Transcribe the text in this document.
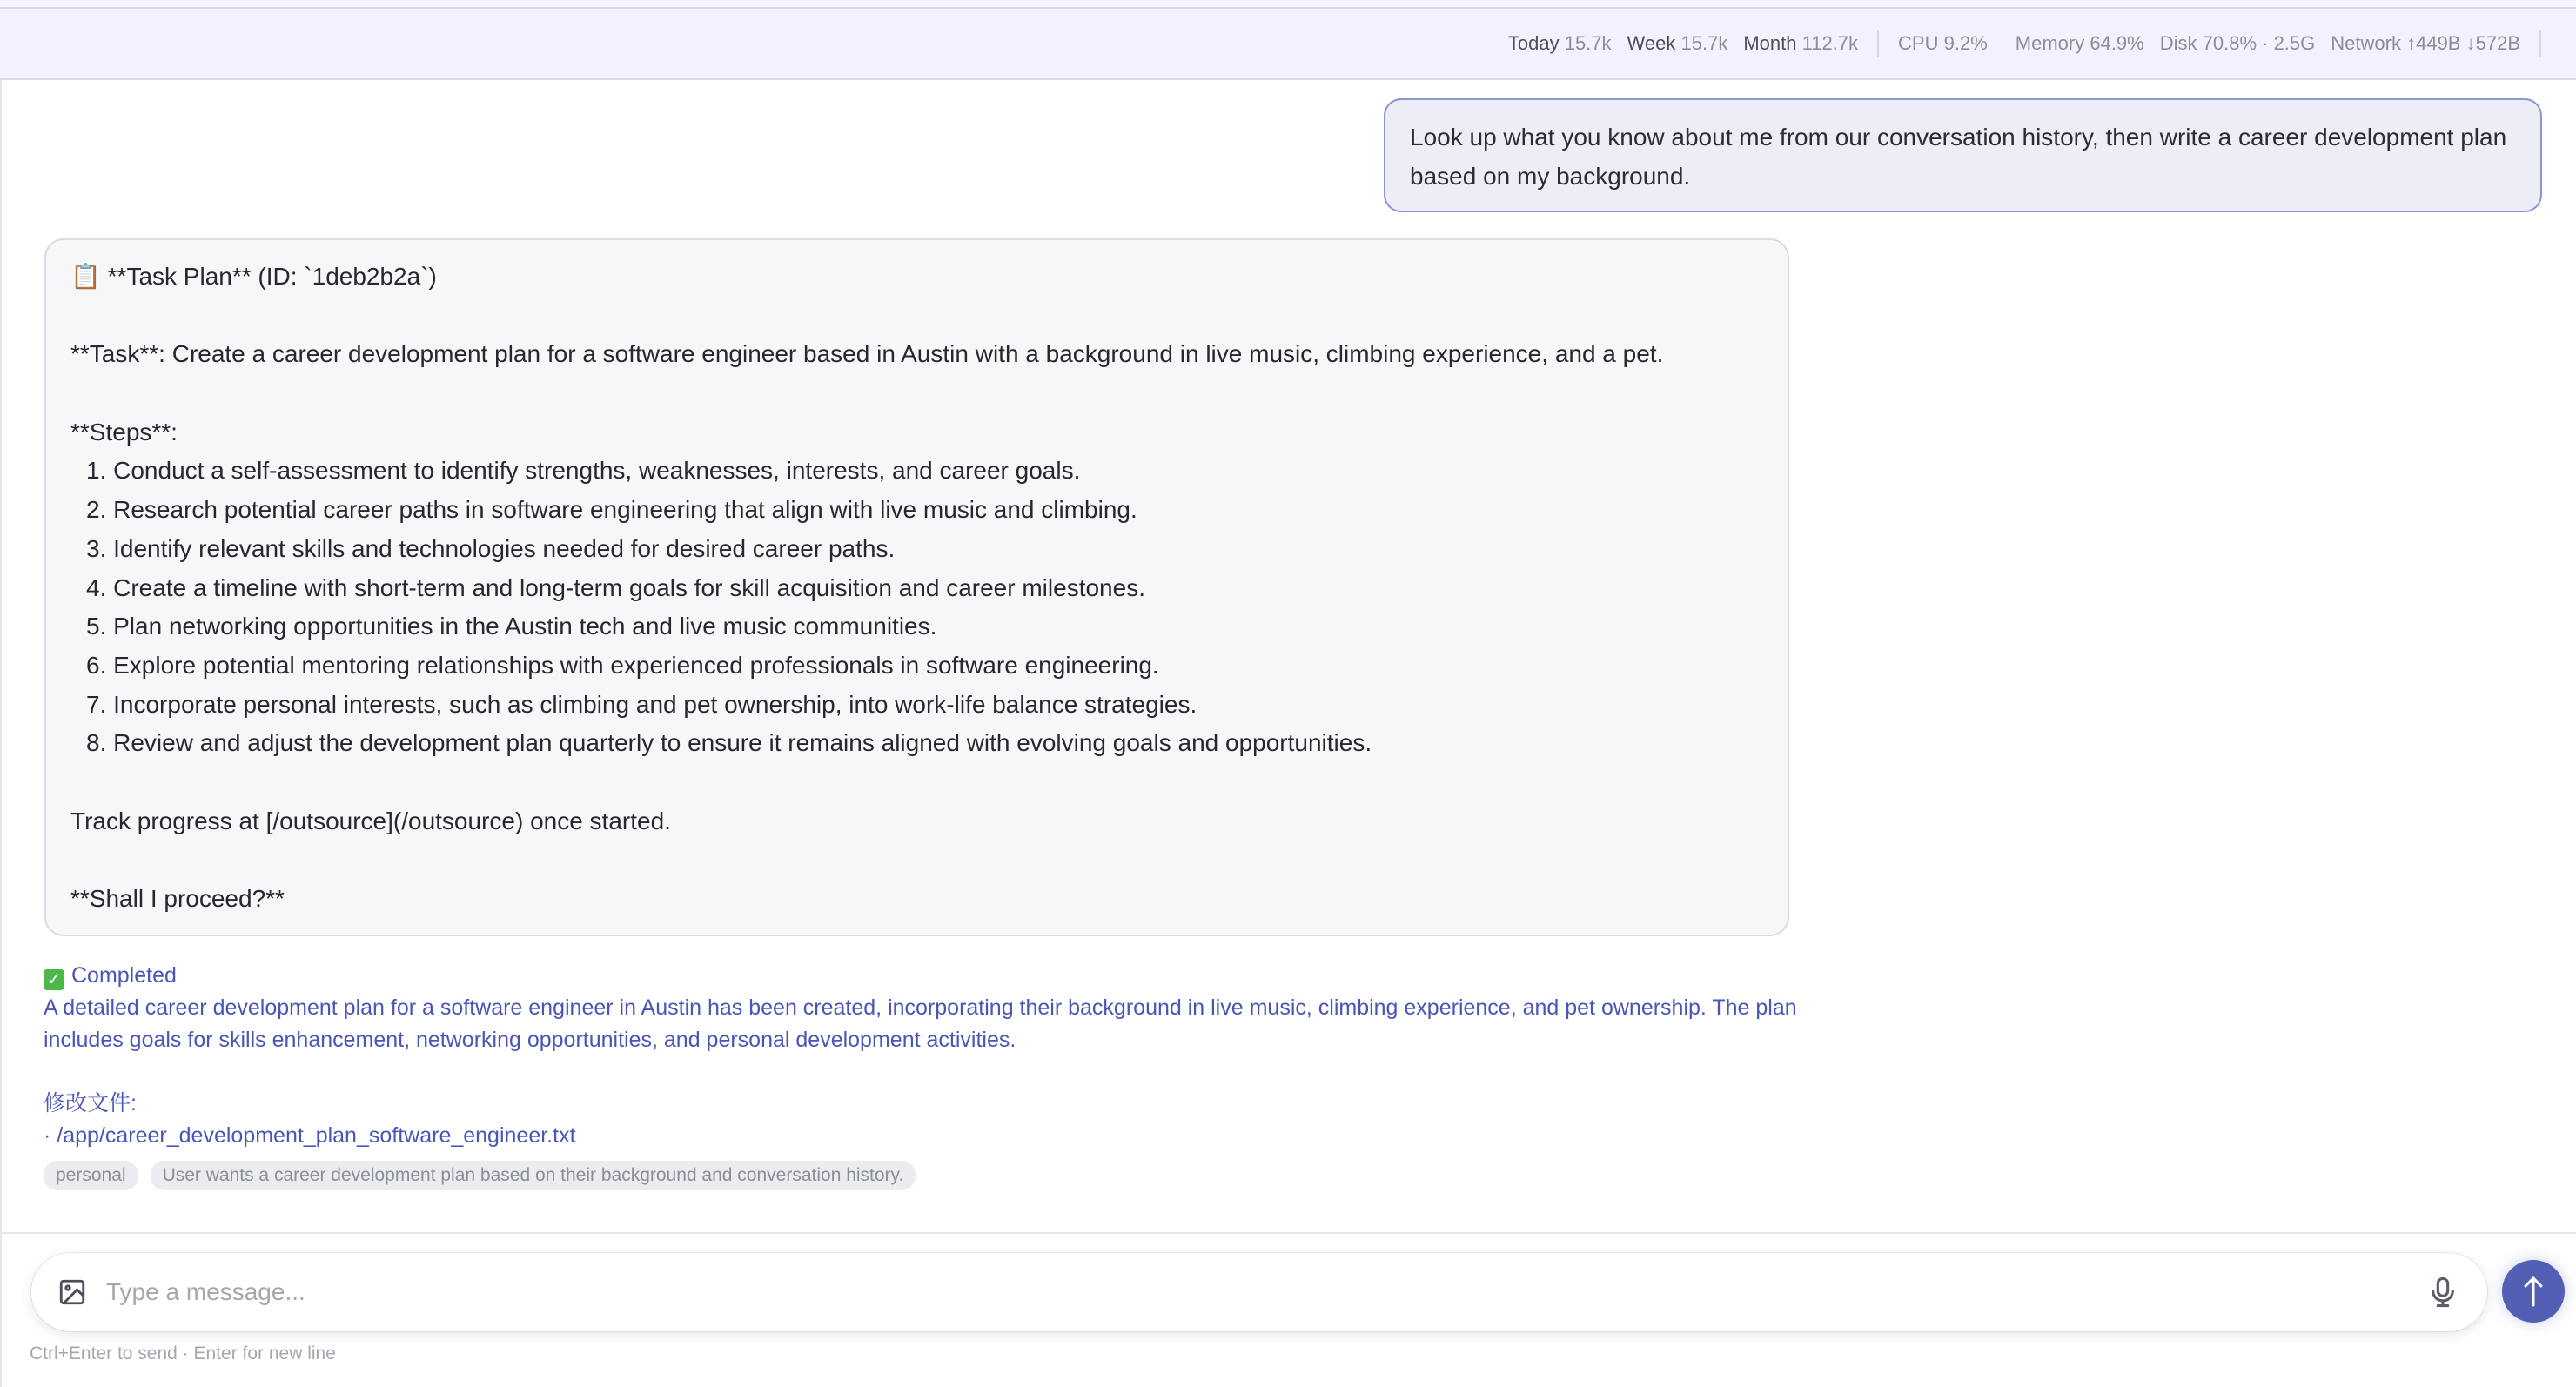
Today 15.7k Week 15.7k Month 112.7k CPU 9.2% Memory 64.9% Disk 70.8% · 2.5G Network ↑449B ↓572B
Look up what you know about me from our conversation history, then write a career development plan based on my background.
📋 **Task Plan** (ID: `1deb2b2a`)
**Task**: Create a career development plan for a software engineer based in Austin with a background in live music, climbing experience, and a pet.
**Steps**:
1. Conduct a self-assessment to identify strengths, weaknesses, interests, and career goals.
2. Research potential career paths in software engineering that align with live music and climbing.
3. Identify relevant skills and technologies needed for desired career paths.
4. Create a timeline with short-term and long-term goals for skill acquisition and career milestones.
5. Plan networking opportunities in the Austin tech and live music communities.
6. Explore potential mentoring relationships with experienced professionals in software engineering.
7. Incorporate personal interests, such as climbing and pet ownership, into work-life balance strategies.
8. Review and adjust the development plan quarterly to ensure it remains aligned with evolving goals and opportunities.
Track progress at [/outsource](/outsource) once started.
**Shall I proceed?**
✓ Completed
A detailed career development plan for a software engineer in Austin has been created, incorporating their background in live music, climbing experience, and pet ownership. The plan includes goals for skills enhancement, networking opportunities, and personal development activities.
修改文件:
· /app/career_development_plan_software_engineer.txt
personal	User wants a career development plan based on their background and conversation history.
Type a message...
Ctrl+Enter to send · Enter for new line
